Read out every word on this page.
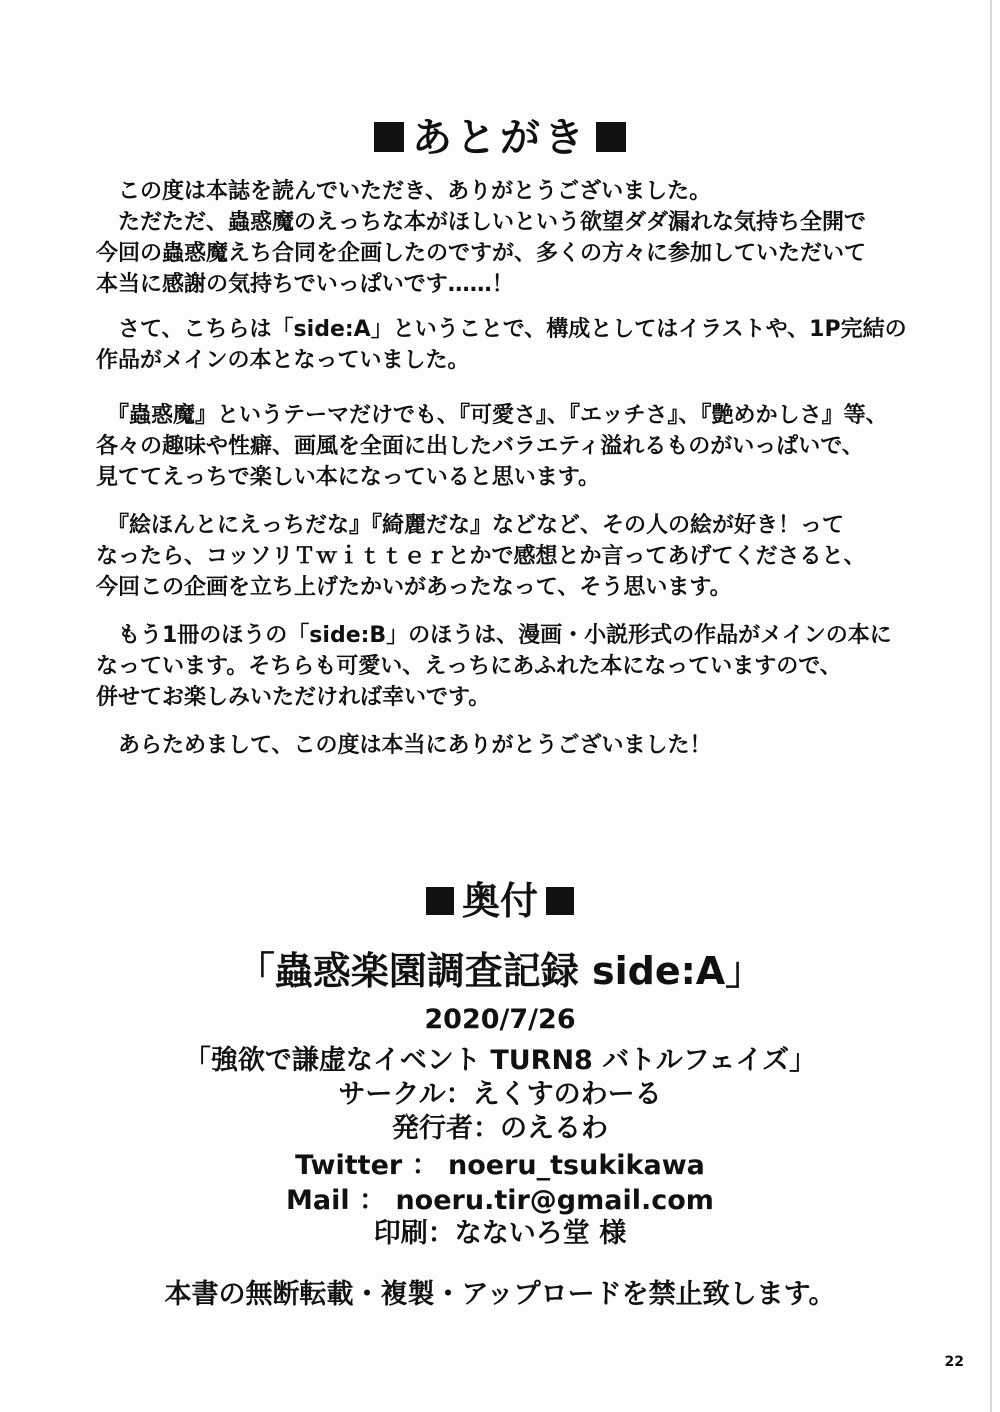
あとがき

　この度は本誌を読んでいただき、ありがとうございました。

　ただただ、蟲惑魔のえっちな本がほしいという欲望ダダ漏れな気持ち全開で

今回の蟲惑魔えち合同を企画したのですが、多くの方々に参加していただいて

本当に感謝の気持ちでいっぱいです……！

　さて、こちらは「side:A」ということで、構成としてはイラストや、1P完結の

作品がメインの本となっていました。

　『蟲惑魔』というテーマだけでも、『可愛さ』、『エッチさ』、『艶めかしさ』等、

各々の趣味や性癖、画風を全面に出したバラエティ溢れるものがいっぱいで、

見ててえっちで楽しい本になっていると思います。

　『絵ほんとにえっちだな』『綺麗だな』などなど、その人の絵が好き！って

なったら、コッソリＴｗｉｔｔｅｒとかで感想とか言ってあげてくださると、

今回この企画を立ち上げたかいがあったなって、そう思います。

　もう1冊のほうの「side:B」のほうは、漫画・小説形式の作品がメインの本に

なっています。そちらも可愛い、えっちにあふれた本になっていますので、

併せてお楽しみいただければ幸いです。

　あらためまして、この度は本当にありがとうございました！

奥付
「蟲惑楽園調査記録 side:A」
2020/7/26
「強欲で謙虚なイベント TURN8 バトルフェイズ」
サークル：えくすのわーる
発行者：のえるわ
Twitter ： noeru_tsukikawa
Mail ： noeru.tir@gmail.com
印刷：なないろ堂 様
本書の無断転載・複製・アップロードを禁止致します。
22
